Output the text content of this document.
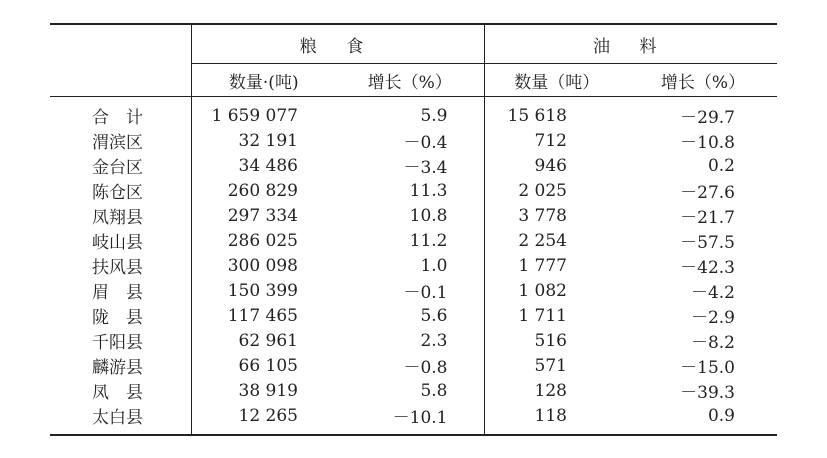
	粮 食		油 料	
	数量·(吨)	增长（%）	数量（吨）	增长（%）
合　计	1 659 077	5.9	15 618	－29.7
渭滨区	32 191	－0.4	712	－10.8
金台区	34 486	－3.4	946	0.2
陈仓区	260 829	11.3	2 025	－27.6
凤翔县	297 334	10.8	3 778	－21.7
岐山县	286 025	11.2	2 254	－57.5
扶风县	300 098	1.0	1 777	－42.3
眉　县	150 399	－0.1	1 082	－4.2
陇　县	117 465	5.6	1 711	－2.9
千阳县	62 961	2.3	516	－8.2
麟游县	66 105	－0.8	571	－15.0
凤　县	38 919	5.8	128	－39.3
太白县	12 265	－10.1	118	0.9
